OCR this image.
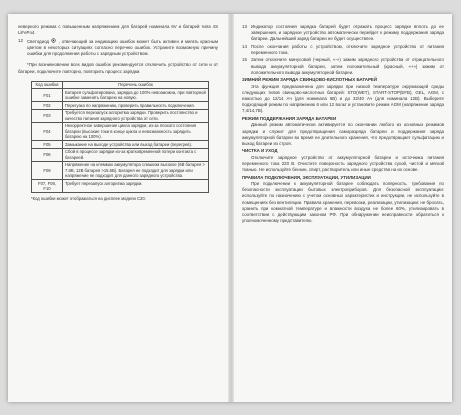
неверного режима с повышенным напряжением для батарей номинала 6V и батарей типа 4S LiFePo4.

12 Светодиод , отвечающий за индикацию ошибок может быть активен и мигать красным цветом в некоторых ситуациях согласно перечню ошибок. Устраните возможную причину ошибки для продолжения работы с зарядным устройством.

*При возникновении всех видов ошибок рекомендуется отключить устройство от сети и от батареи, подключите повторно, повторить процесс зарядки.

Код ошибки	Перечень ошибок
F01	Батарея сульфатирована, зарядка до 100% невозможна, при повторной ошибке заменить батарею на новую.
F02	Перегузка по напряжению, проверить правильность подключения.
F03	Требуется перезапуск алгоритма зарядки. Проверить постоянство и качество питания зарядного устройства от сети.
F04	Некорректное завершение цикла зарядки, из-за плохого состояния батареи (высокие токи в конце цикла и невозможность зарядить батарею на 100%).
F05	Замыкание на выходе устройства или выход батареи (перегрев).
F06	Сбой в процессе зарядки из-за кратковременной потери контакта с батареей.
F09	Напряжение на клеммах аккумулятора слишком высокое (6В батарея > 7.8В, 12В батарея >15.6В). Батарея не подходит для зарядки или напряжение не подходит для данного зарядного устройства.
F07, F08, F10	Требует перезапуск алгоритма зарядки.
*Код ошибки может отображаться на дисплее модели C20.
13 Индикатор состояния зарядка батарей будет отражать процесс зарядки вплоть до ее завершения, и зарядное устройство автоматически перейдет к режиму поддержания заряда батареи. Дальнейший заряд батареи не будет осуществлен.
14 После окончания работы с устройством, отключите зарядное устройство от питания переменного тока.
15 Затем отключите минусовой (черный, «-») зажим зарядного устройства от отрицательного вывода аккумуляторной батареи, затем положительный (красный, «+») зажим от положительного вывода аккумуляторной батареи.
ЗИМНИЙ РЕЖИМ ЗАРЯДА СВИНЦОВО-КИСЛОТНЫХ БАТАРЕЙ

Эта функция предназначена для зарядки при низкой температуре окружающей среды следующих типов свинцово-кислотных батарей: STD(WET), START-STOP(EFB), GEL, AGM, с емкостью до 12/14 Ач (для номинала 6В) и до 32/40 Ач (для номинала 12В). Выберите подходящий режим по напряжению 6 или 12 вольт и установите режим AGM (напряжение заряда 7,4/14,7В).

РЕЖИМ ПОДДЕРЖАНИЯ ЗАРЯДА БАТАРЕИ

Данный режим автоматически активируется по окончании любого из основных режимов зарядки и служит для предотвращения саморазряда батареи и поддержания заряда аккумуляторной батареи во время ее длительного хранения, что предотвращает сульфатацию и выход батареи из строя.

ЧИСТКА И УХОД

Отключите зарядное устройство от аккумуляторной батареи и источника питания переменного тока 220 В. Очистите поверхность зарядного устройства сухой, чистой и мягкой тканью. Не используйте бензин, спирт, растворитель или иные средства на их основе.

ПРАВИЛА ПОДКЛЮЧЕНИЯ, ЭКСПЛУАТАЦИИ, УТИЛИЗАЦИИ

При подключении к аккумуляторной батарее соблюдать полярность, требования по безопасности эксплуатации бытовых электроприборов. Для безопасной эксплуатации: используйте по назначению с учетом основных характеристик и инструкции, не используйте в помещениях без вентиляции. Правила хранения, перевозки, реализации, утилизации: не бросать, хранить при комнатной температуре и влажности воздуха не более 60%, утилизировать в соответствии с действующим законом РФ. При обнаружении неисправности обратиться к уполномоченному представителю.
